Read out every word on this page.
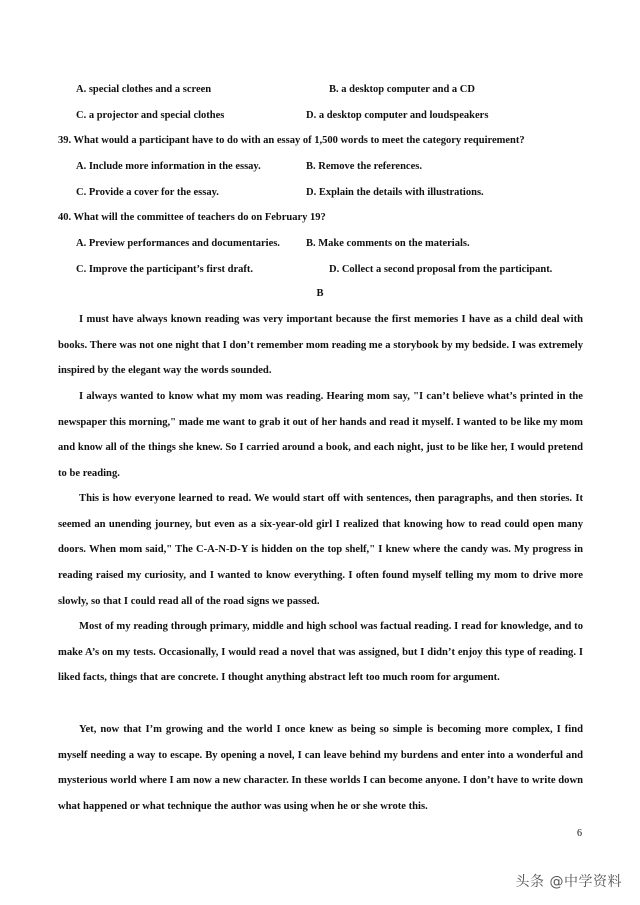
A. special clothes and a screen	B. a desktop computer and a CD
C. a projector and special clothes	D. a desktop computer and loudspeakers
39. What would a participant have to do with an essay of 1,500 words to meet the category requirement?
A. Include more information in the essay.	B. Remove the references.
C. Provide a cover for the essay.	D. Explain the details with illustrations.
40. What will the committee of teachers do on February 19?
A. Preview performances and documentaries. B. Make comments on the materials.
C. Improve the participant’s first draft.	D. Collect a second proposal from the participant.
B

I must have always known reading was very important because the first memories I have as a child deal with books. There was not one night that I don’t remember mom reading me a storybook by my bedside. I was extremely inspired by the elegant way the words sounded.

I always wanted to know what my mom was reading. Hearing mom say, "I can’t believe what’s printed in the newspaper this morning," made me want to grab it out of her hands and read it myself. I wanted to be like my mom and know all of the things she knew. So I carried around a book, and each night, just to be like her, I would pretend to be reading.

This is how everyone learned to read. We would start off with sentences, then paragraphs, and then stories. It seemed an unending journey, but even as a six-year-old girl I realized that knowing how to read could open many doors. When mom said," The C-A-N-D-Y is hidden on the top shelf," I knew where the candy was. My progress in reading raised my curiosity, and I wanted to know everything. I often found myself telling my mom to drive more slowly, so that I could read all of the road signs we passed.

Most of my reading through primary, middle and high school was factual reading. I read for knowledge, and to make A’s on my tests. Occasionally, I would read a novel that was assigned, but I didn’t enjoy this type of reading. I liked facts, things that are concrete. I thought anything abstract left too much room for argument.

Yet, now that I’m growing and the world I once knew as being so simple is becoming more complex, I find myself needing a way to escape. By opening a novel, I can leave behind my burdens and enter into a wonderful and mysterious world where I am now a new character. In these worlds I can become anyone. I don’t have to write down what happened or what technique the author was using when he or she wrote this.

6
头条 @中学资料
